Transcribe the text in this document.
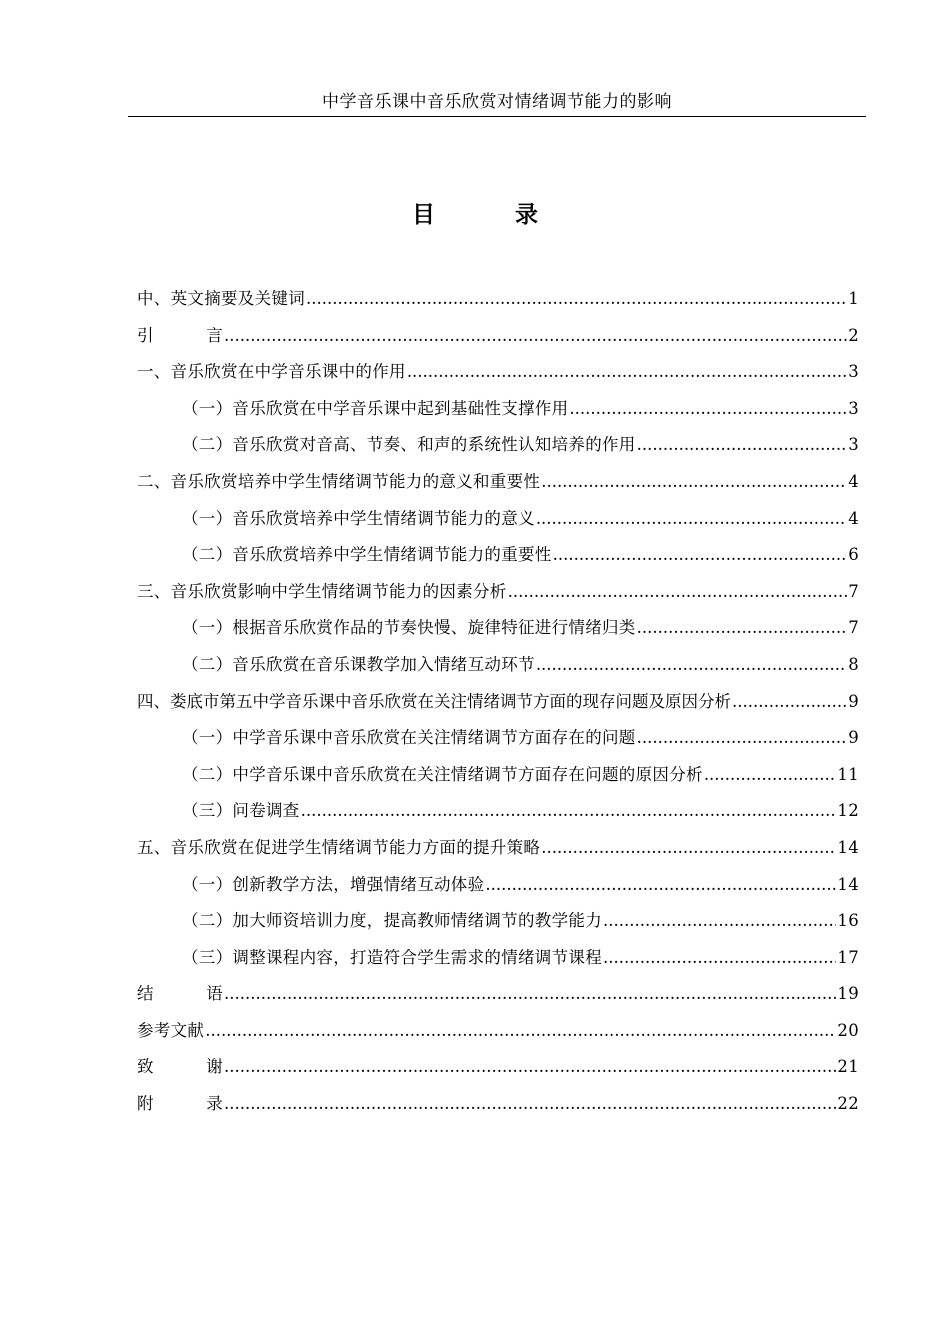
中学音乐课中音乐欣赏对情绪调节能力的影响
目 录
中、英文摘要及关键词 .....	1
引 言 .....	2
一、音乐欣赏在中学音乐课中的作用 .....	3
（一）音乐欣赏在中学音乐课中起到基础性支撑作用 .....	3
（二）音乐欣赏对音高、节奏、和声的系统性认知培养的作用 .....	3
二、音乐欣赏培养中学生情绪调节能力的意义和重要性 .....	4
（一）音乐欣赏培养中学生情绪调节能力的意义 .....	4
（二）音乐欣赏培养中学生情绪调节能力的重要性 .....	6
三、音乐欣赏影响中学生情绪调节能力的因素分析 .....	7
（一）根据音乐欣赏作品的节奏快慢、旋律特征进行情绪归类 .....	7
（二）音乐欣赏在音乐课教学加入情绪互动环节 .....	8
四、娄底市第五中学音乐课中音乐欣赏在关注情绪调节方面的现存问题及原因分析 .....	9
（一）中学音乐课中音乐欣赏在关注情绪调节方面存在的问题 .....	9
（二）中学音乐课中音乐欣赏在关注情绪调节方面存在问题的原因分析 .....	11
（三）问卷调查 .....	12
五、音乐欣赏在促进学生情绪调节能力方面的提升策略 .....	14
（一）创新教学方法，增强情绪互动体验 .....	14
（二）加大师资培训力度，提高教师情绪调节的教学能力 .....	16
（三）调整课程内容，打造符合学生需求的情绪调节课程 .....	17
结 语 .....	19
参考文献 .....	20
致 谢 .....	21
附 录 .....	22
